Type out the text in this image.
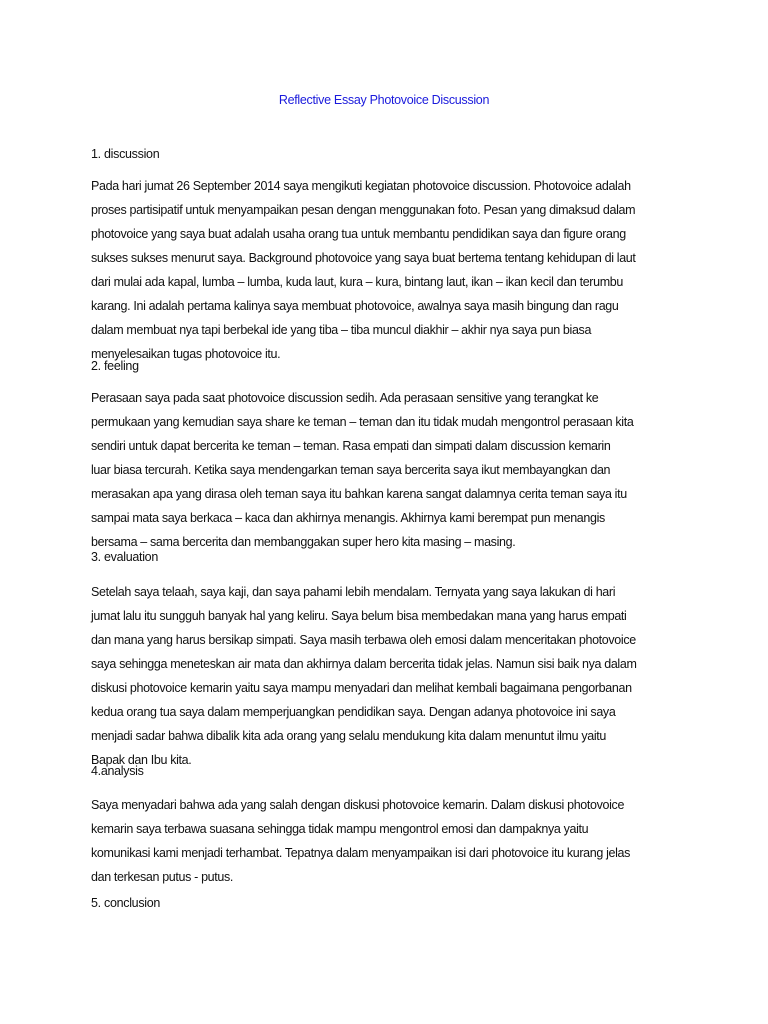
Reflective Essay Photovoice Discussion
1. discussion
Pada hari jumat 26 September 2014 saya mengikuti kegiatan photovoice discussion. Photovoice adalah
proses partisipatif untuk menyampaikan pesan dengan menggunakan foto. Pesan yang dimaksud dalam
photovoice yang saya buat adalah usaha orang tua untuk membantu pendidikan saya dan figure orang
sukses sukses menurut saya. Background photovoice yang saya buat bertema tentang kehidupan di laut
dari mulai ada kapal, lumba – lumba, kuda laut, kura – kura, bintang laut, ikan – ikan kecil dan terumbu
karang. Ini adalah pertama kalinya saya membuat photovoice, awalnya saya masih bingung dan ragu
dalam membuat nya tapi berbekal ide yang tiba – tiba muncul diakhir – akhir nya saya pun biasa
menyelesaikan tugas photovoice itu.
2. feeling
Perasaan saya pada saat photovoice discussion sedih. Ada perasaan sensitive yang terangkat ke
permukaan yang kemudian saya share ke teman – teman dan itu tidak mudah mengontrol perasaan kita
sendiri untuk dapat bercerita ke teman – teman. Rasa empati dan simpati dalam discussion kemarin
luar biasa tercurah. Ketika saya mendengarkan teman saya bercerita saya ikut membayangkan dan
merasakan apa yang dirasa oleh teman saya itu bahkan karena sangat dalamnya cerita teman saya itu
sampai mata saya berkaca – kaca dan akhirnya menangis. Akhirnya kami berempat pun menangis
bersama – sama bercerita dan membanggakan super hero kita masing – masing.
3. evaluation
Setelah saya telaah, saya kaji, dan saya pahami lebih mendalam. Ternyata yang saya lakukan di hari
jumat lalu itu sungguh banyak hal yang keliru. Saya belum bisa membedakan mana yang harus empati
dan mana yang harus bersikap simpati. Saya masih terbawa oleh emosi dalam menceritakan photovoice
saya sehingga meneteskan air mata dan akhirnya dalam bercerita tidak jelas. Namun sisi baik nya dalam
diskusi photovoice kemarin yaitu saya mampu menyadari dan melihat kembali bagaimana pengorbanan
kedua orang tua saya dalam memperjuangkan pendidikan saya. Dengan adanya photovoice ini saya
menjadi sadar bahwa dibalik kita ada orang yang selalu mendukung kita dalam menuntut ilmu yaitu
Bapak dan Ibu kita.
4.analysis
Saya menyadari bahwa ada yang salah dengan diskusi photovoice kemarin. Dalam diskusi photovoice
kemarin saya terbawa suasana sehingga tidak mampu mengontrol emosi dan dampaknya yaitu
komunikasi kami menjadi terhambat. Tepatnya dalam menyampaikan isi dari photovoice itu kurang jelas
dan terkesan putus - putus.
5. conclusion
